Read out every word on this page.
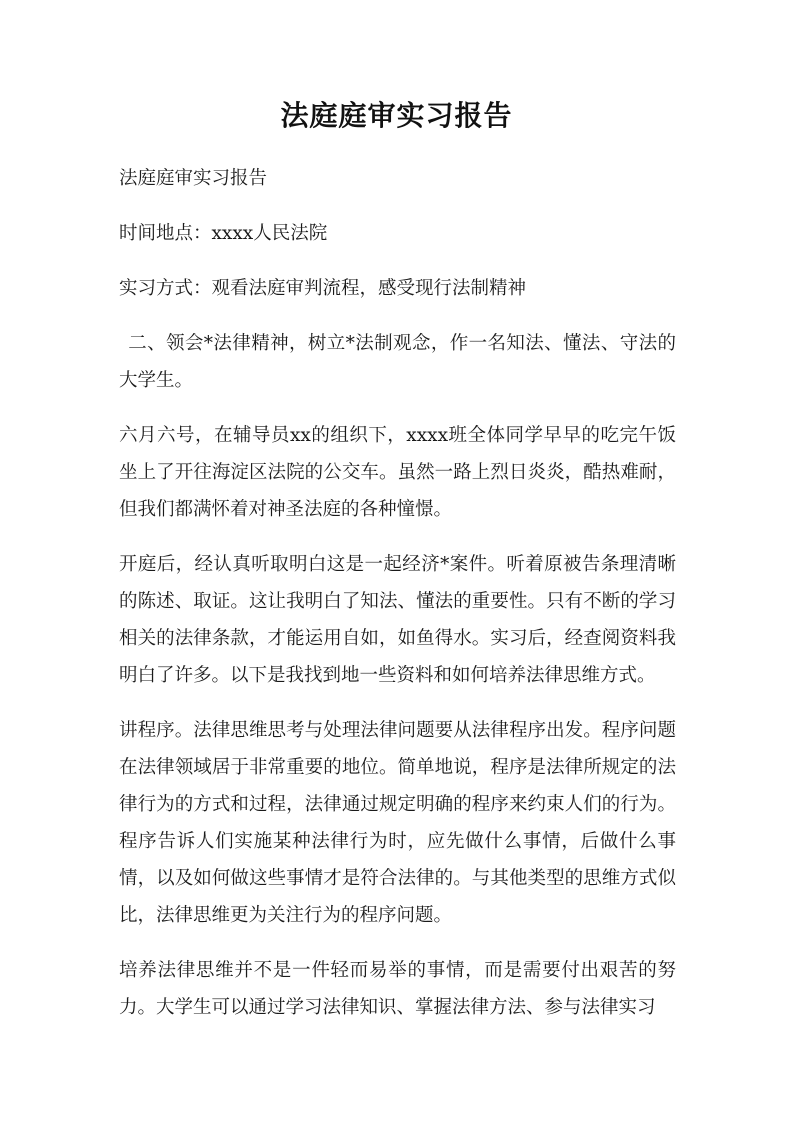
法庭庭审实习报告

法庭庭审实习报告

时间地点：xxxx人民法院

实习方式：观看法庭审判流程，感受现行法制精神

二、领会*法律精神，树立*法制观念，作一名知法、懂法、守法的大学生。

六月六号，在辅导员xx的组织下，xxxx班全体同学早早的吃完午饭坐上了开往海淀区法院的公交车。虽然一路上烈日炎炎，酷热难耐，但我们都满怀着对神圣法庭的各种憧憬。

开庭后，经认真听取明白这是一起经济*案件。听着原被告条理清晰的陈述、取证。这让我明白了知法、懂法的重要性。只有不断的学习相关的法律条款，才能运用自如，如鱼得水。实习后，经查阅资料我明白了许多。以下是我找到地一些资料和如何培养法律思维方式。

讲程序。法律思维思考与处理法律问题要从法律程序出发。程序问题在法律领域居于非常重要的地位。简单地说，程序是法律所规定的法律行为的方式和过程，法律通过规定明确的程序来约束人们的行为。程序告诉人们实施某种法律行为时，应先做什么事情，后做什么事情，以及如何做这些事情才是符合法律的。与其他类型的思维方式似比，法律思维更为关注行为的程序问题。

培养法律思维并不是一件轻而易举的事情，而是需要付出艰苦的努力。大学生可以通过学习法律知识、掌握法律方法、参与法律实习
